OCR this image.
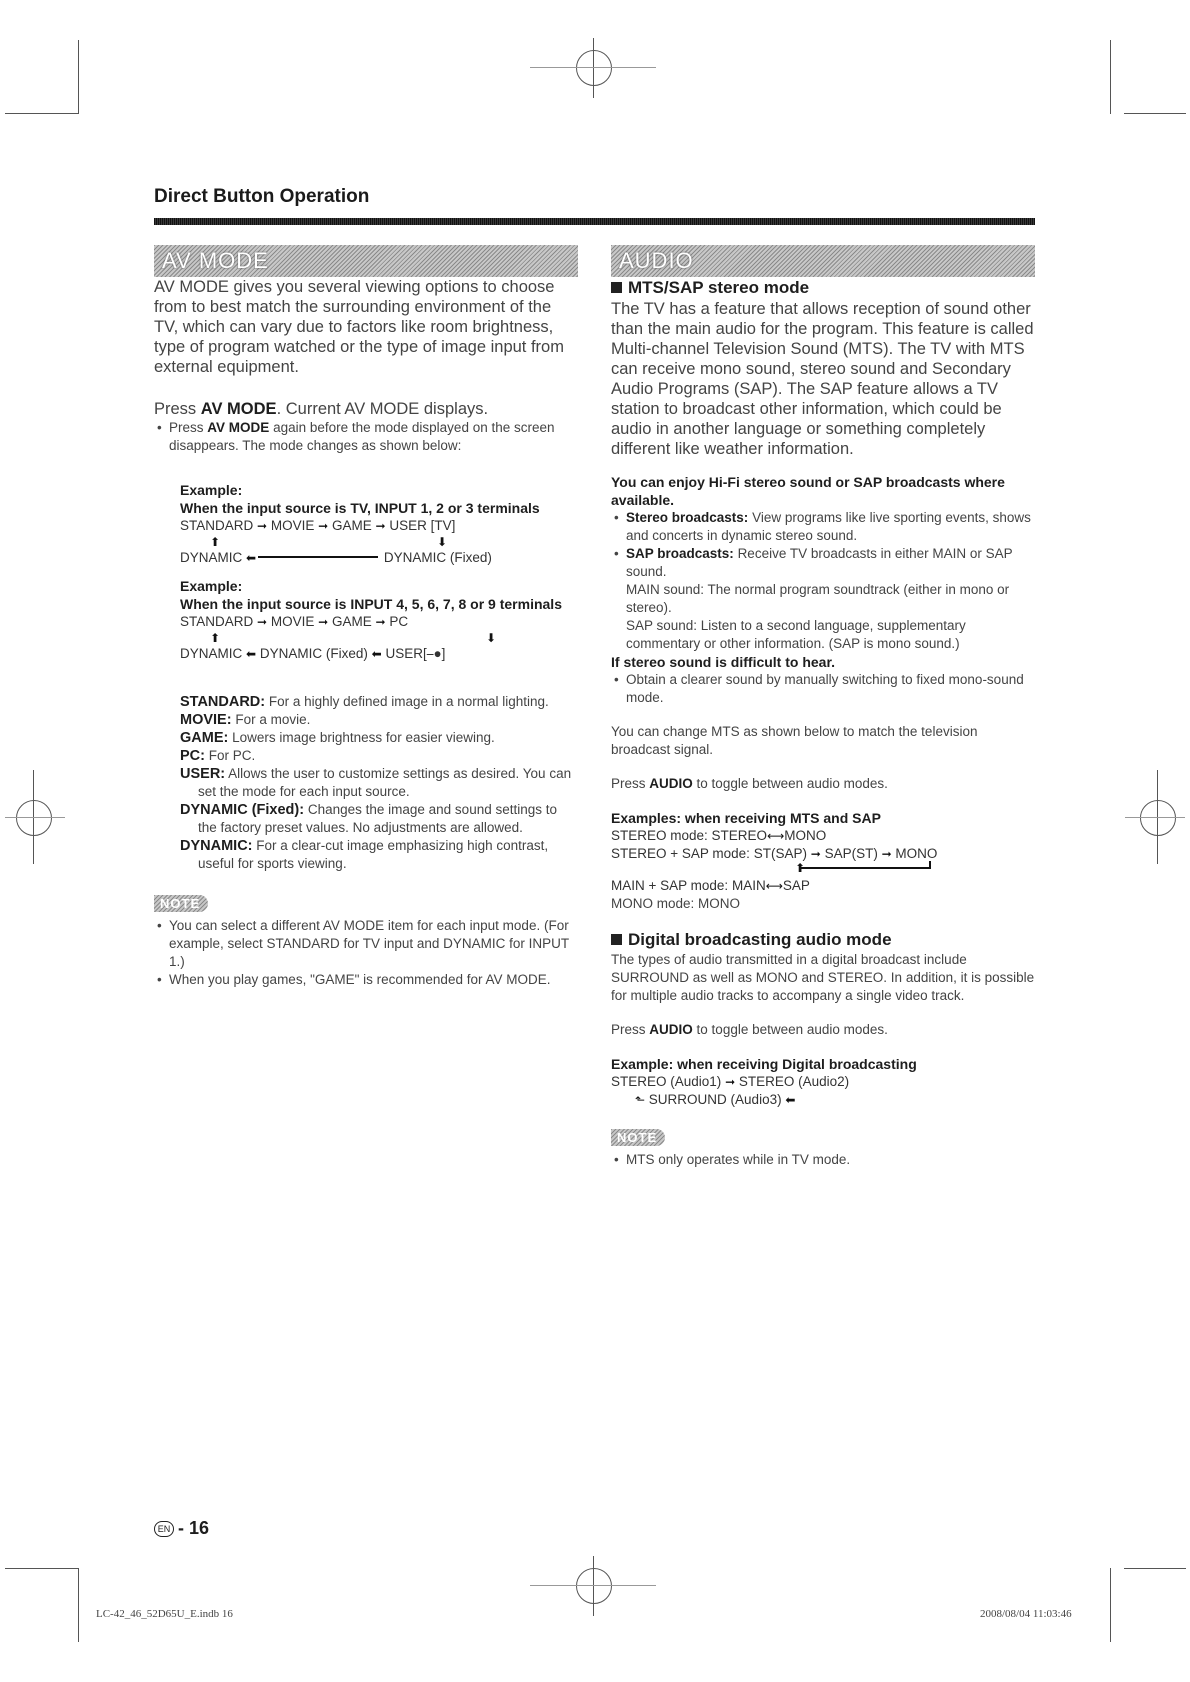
Direct Button Operation
AV MODE	AUDIO

AV MODE gives you several viewing options to choose from to best match the surrounding environment of the TV, which can vary due to factors like room brightness, type of program watched or the type of image input from external equipment.

Press AV MODE. Current AV MODE displays.

• Press AV MODE again before the mode displayed on the screen disappears. The mode changes as shown below:

Example:

When the input source is TV, INPUT 1, 2 or 3 terminals

STANDARD ➞ MOVIE ➞ GAME ➞ USER [TV]
⬆	⬇
DYNAMIC ⬅	DYNAMIC (Fixed)

Example:

When the input source is INPUT 4, 5, 6, 7, 8 or 9 terminals

STANDARD ➞ MOVIE ➞ GAME ➞ PC
⬆	⬇
DYNAMIC ⬅ DYNAMIC (Fixed) ⬅ USER[⎯●]

STANDARD: For a highly defined image in a normal lighting.

MOVIE: For a movie.

GAME: Lowers image brightness for easier viewing.

PC: For PC.

USER: Allows the user to customize settings as desired. You can set the mode for each input source.

DYNAMIC (Fixed): Changes the image and sound settings to the factory preset values. No adjustments are allowed.

DYNAMIC: For a clear-cut image emphasizing high contrast, useful for sports viewing.

NOTE

• You can select a different AV MODE item for each input mode. (For example, select STANDARD for TV input and DYNAMIC for INPUT 1.)

• When you play games, "GAME" is recommended for AV MODE.

MTS/SAP stereo mode

The TV has a feature that allows reception of sound other than the main audio for the program. This feature is called Multi-channel Television Sound (MTS). The TV with MTS can receive mono sound, stereo sound and Secondary Audio Programs (SAP). The SAP feature allows a TV station to broadcast other information, which could be audio in another language or something completely different like weather information.

You can enjoy Hi-Fi stereo sound or SAP broadcasts where available.

• Stereo broadcasts: View programs like live sporting events, shows and concerts in dynamic stereo sound.

• SAP broadcasts: Receive TV broadcasts in either MAIN or SAP sound.

MAIN sound: The normal program soundtrack (either in mono or stereo).

SAP sound: Listen to a second language, supplementary commentary or other information. (SAP is mono sound.)

If stereo sound is difficult to hear.

• Obtain a clearer sound by manually switching to fixed mono-sound mode.

You can change MTS as shown below to match the television broadcast signal.

Press AUDIO to toggle between audio modes.

Examples: when receiving MTS and SAP

STEREO mode: STEREO⟷MONO
STEREO + SAP mode: ST(SAP) ➞ SAP(ST) ➞ MONO
⬆
MAIN + SAP mode: MAIN⟷SAP

MONO mode: MONO

Digital broadcasting audio mode

The types of audio transmitted in a digital broadcast include SURROUND as well as MONO and STEREO. In addition, it is possible for multiple audio tracks to accompany a single video track.

Press AUDIO to toggle between audio modes.

Example: when receiving Digital broadcasting

STEREO (Audio1) ➞ STEREO (Audio2)
⬑ SURROUND (Audio3) ⬅
NOTE

• MTS only operates while in TV mode.

EN - 16
LC-42_46_52D65U_E.indb 16	2008/08/04 11:03:46
